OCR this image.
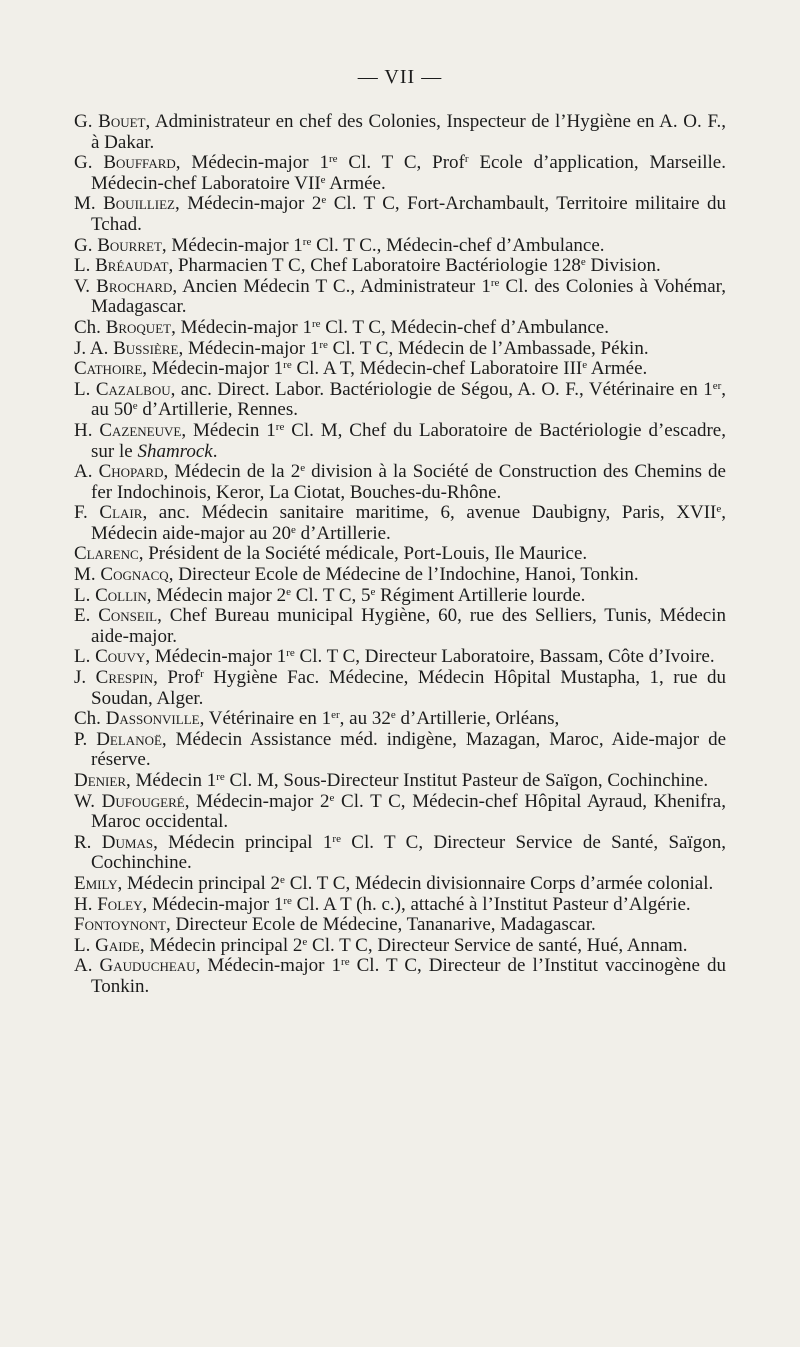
— VII —
G. Bouet, Administrateur en chef des Colonies, Inspecteur de l’Hygiène en A. O. F., à Dakar.
G. Bouffard, Médecin-major 1re Cl. T C, Prof$^r$ Ecole d’application, Marseille. Médecin-chef Laboratoire VIIe Armée.
M. Bouilliez, Médecin-major 2e Cl. T C, Fort-Archambault, Territoire militaire du Tchad.
G. Bourret, Médecin-major 1re Cl. T C., Médecin-chef d’Ambulance.
L. Bréaudat, Pharmacien T C, Chef Laboratoire Bactériologie 128e Division.
V. Brochard, Ancien Médecin T C., Administrateur 1re Cl. des Colonies à Vohémar, Madagascar.
Ch. Broquet, Médecin-major 1re Cl. T C, Médecin-chef d’Ambulance.
J. A. Bussière, Médecin-major 1re Cl. T C, Médecin de l’Ambassade, Pékin.
Cathoire, Médecin-major 1re Cl. A T, Médecin-chef Laboratoire IIIe Armée.
L. Cazalbou, anc. Direct. Labor. Bactériologie de Ségou, A. O. F., Vétérinaire en 1er, au 50e d’Artillerie, Rennes.
H. Cazeneuve, Médecin 1re Cl. M, Chef du Laboratoire de Bactériologie d’escadre, sur le Shamrock.
A. Chopard, Médecin de la 2e division à la Société de Construction des Chemins de fer Indochinois, Keror, La Ciotat, Bouches-du-Rhône.
F. Clair, anc. Médecin sanitaire maritime, 6, avenue Daubigny, Paris, XVIIe, Médecin aide-major au 20e d’Artillerie.
Clarenc, Président de la Société médicale, Port-Louis, Ile Maurice.
M. Cognacq, Directeur Ecole de Médecine de l’Indochine, Hanoi, Tonkin.
L. Collin, Médecin major 2e Cl. T C, 5e Régiment Artillerie lourde.
E. Conseil, Chef Bureau municipal Hygiène, 60, rue des Selliers, Tunis, Médecin aide-major.
L. Couvy, Médecin-major 1re Cl. T C, Directeur Laboratoire, Bassam, Côte d’Ivoire.
J. Crespin, Prof$^r$ Hygiène Fac. Médecine, Médecin Hôpital Mustapha, 1, rue du Soudan, Alger.
Ch. Dassonville, Vétérinaire en 1er, au 32e d’Artillerie, Orléans,
P. Delanoë, Médecin Assistance méd. indigène, Mazagan, Maroc, Aide-major de réserve.
Denier, Médecin 1re Cl. M, Sous-Directeur Institut Pasteur de Saïgon, Cochinchine.
W. Dufougeré, Médecin-major 2e Cl. T C, Médecin-chef Hôpital Ayraud, Khenifra, Maroc occidental.
R. Dumas, Médecin principal 1re Cl. T C, Directeur Service de Santé, Saïgon, Cochinchine.
Emily, Médecin principal 2e Cl. T C, Médecin divisionnaire Corps d’armée colonial.
H. Foley, Médecin-major 1re Cl. A T (h. c.), attaché à l’Institut Pasteur d’Algérie.
Fontoynont, Directeur Ecole de Médecine, Tananarive, Madagascar.
L. Gaide, Médecin principal 2e Cl. T C, Directeur Service de santé, Hué, Annam.
A. Gauducheau, Médecin-major 1re Cl. T C, Directeur de l’Institut vaccinogène du Tonkin.
